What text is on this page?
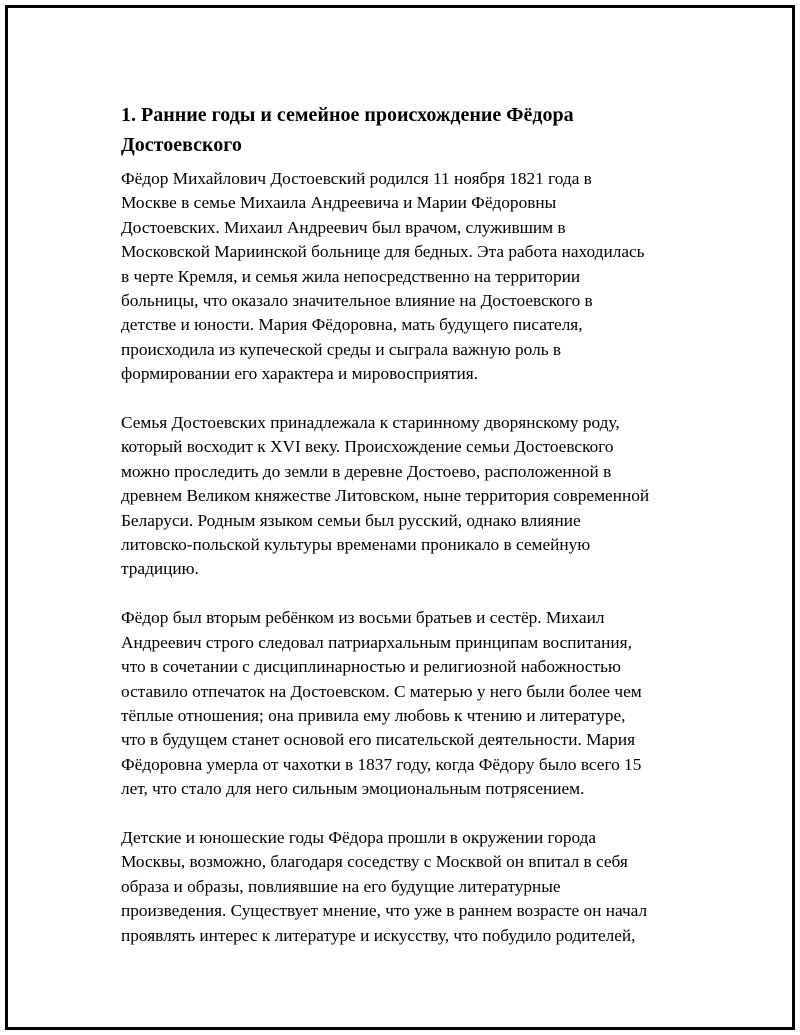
1. Ранние годы и семейное происхождение Фёдора
Достоевского

Фёдор Михайлович Достоевский родился 11 ноября 1821 года в
Москве в семье Михаила Андреевича и Марии Фёдоровны
Достоевских. Михаил Андреевич был врачом, служившим в
Московской Мариинской больнице для бедных. Эта работа находилась
в черте Кремля, и семья жила непосредственно на территории
больницы, что оказало значительное влияние на Достоевского в
детстве и юности. Мария Фёдоровна, мать будущего писателя,
происходила из купеческой среды и сыграла важную роль в
формировании его характера и мировосприятия.

Семья Достоевских принадлежала к старинному дворянскому роду,
который восходит к XVI веку. Происхождение семьи Достоевского
можно проследить до земли в деревне Достоево, расположенной в
древнем Великом княжестве Литовском, ныне территория современной
Беларуси. Родным языком семьи был русский, однако влияние
литовско-польской культуры временами проникало в семейную
традицию.

Фёдор был вторым ребёнком из восьми братьев и сестёр. Михаил
Андреевич строго следовал патриархальным принципам воспитания,
что в сочетании с дисциплинарностью и религиозной набожностью
оставило отпечаток на Достоевском. С матерью у него были более чем
тёплые отношения; она привила ему любовь к чтению и литературе,
что в будущем станет основой его писательской деятельности. Мария
Фёдоровна умерла от чахотки в 1837 году, когда Фёдору было всего 15
лет, что стало для него сильным эмоциональным потрясением.

Детские и юношеские годы Фёдора прошли в окружении города
Москвы, возможно, благодаря соседству с Москвой он впитал в себя
образа и образы, повлиявшие на его будущие литературные
произведения. Существует мнение, что уже в раннем возрасте он начал
проявлять интерес к литературе и искусству, что побудило родителей,
